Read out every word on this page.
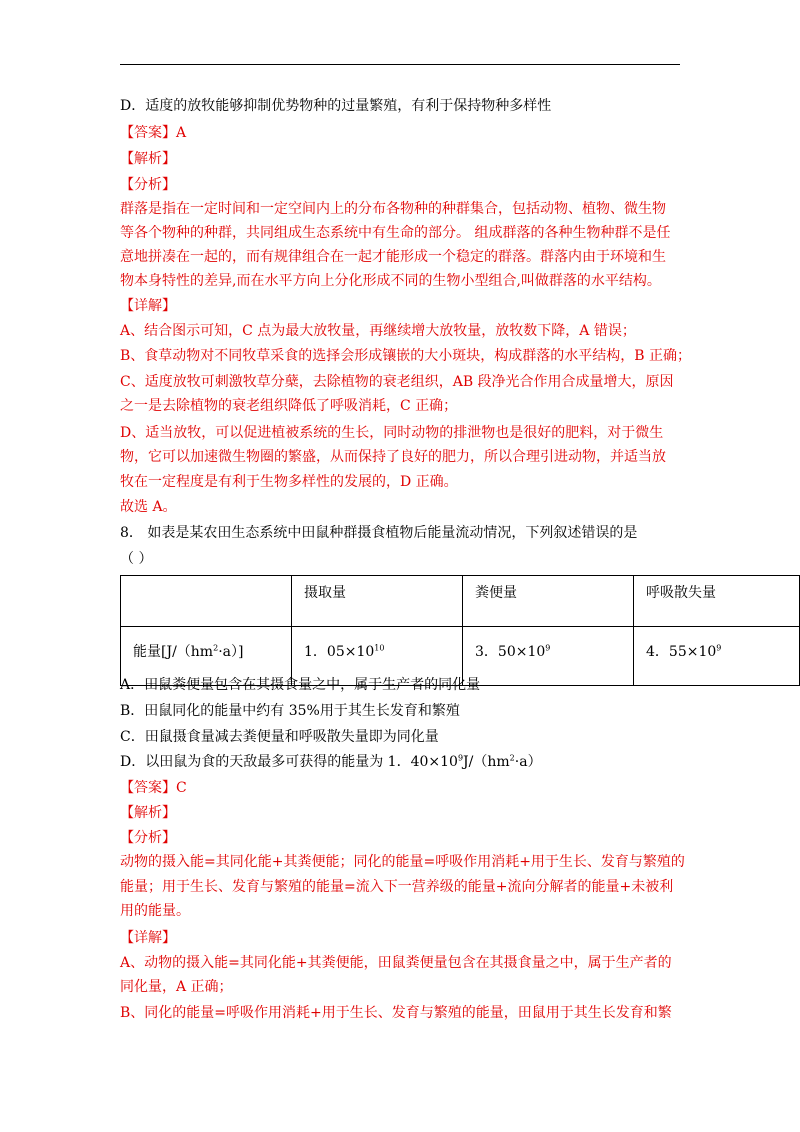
D．适度的放牧能够抑制优势物种的过量繁殖，有利于保持物种多样性
【答案】A
【解析】
【分析】
群落是指在一定时间和一定空间内上的分布各物种的种群集合，包括动物、植物、微生物
等各个物种的种群，共同组成生态系统中有生命的部分。 组成群落的各种生物种群不是任
意地拼凑在一起的，而有规律组合在一起才能形成一个稳定的群落。群落内由于环境和生
物本身特性的差异,而在水平方向上分化形成不同的生物小型组合,叫做群落的水平结构。
【详解】
A、结合图示可知，C 点为最大放牧量，再继续增大放牧量，放牧数下降，A 错误；
B、食草动物对不同牧草采食的选择会形成镶嵌的大小斑块，构成群落的水平结构，B 正确；
C、适度放牧可刺激牧草分蘖，去除植物的衰老组织，AB 段净光合作用合成量增大，原因
之一是去除植物的衰老组织降低了呼吸消耗，C 正确；
D、适当放牧，可以促进植被系统的生长，同时动物的排泄物也是很好的肥料，对于微生
物，它可以加速微生物圈的繁盛，从而保持了良好的肥力，所以合理引进动物，并适当放
牧在一定程度是有利于生物多样性的发展的，D 正确。
故选 A。
8． 如表是某农田生态系统中田鼠种群摄食植物后能量流动情况，下列叙述错误的是
（ ）
	摄取量	粪便量	呼吸散失量
能量$[J/(hm^2\cdot a)]$	1．$05\times 10^{10}$	3．$50\times 10^9$	4．$55\times 10^9$
A．田鼠粪便量包含在其摄食量之中，属于生产者的同化量
B．田鼠同化的能量中约有 35%用于其生长发育和繁殖
C．田鼠摄食量减去粪便量和呼吸散失量即为同化量
D．以田鼠为食的天敌最多可获得的能量为 1．$40\times 10^9J/(hm^2\cdot a)$
【答案】C
【解析】
【分析】
动物的摄入能=其同化能+其粪便能；同化的能量=呼吸作用消耗+用于生长、发育与繁殖的
能量；用于生长、发育与繁殖的能量=流入下一营养级的能量+流向分解者的能量+未被利
用的能量。
【详解】
A、动物的摄入能=其同化能+其粪便能，田鼠粪便量包含在其摄食量之中，属于生产者的
同化量，A 正确；
B、同化的能量=呼吸作用消耗+用于生长、发育与繁殖的能量，田鼠用于其生长发育和繁
